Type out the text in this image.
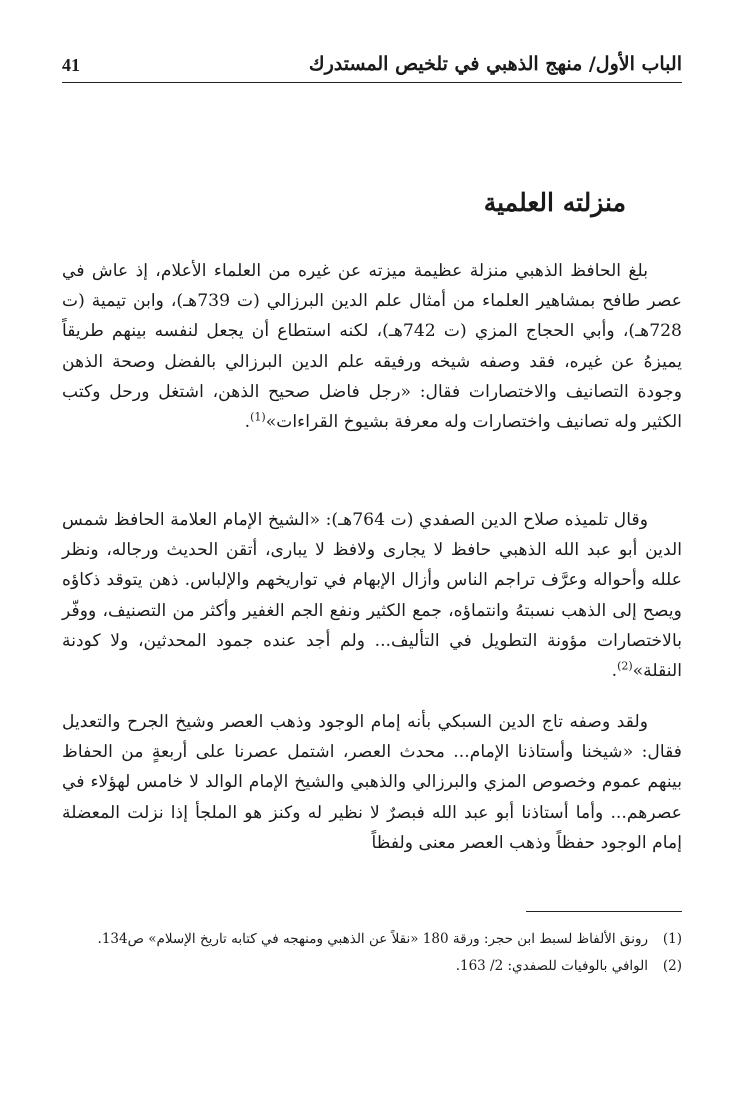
الباب الأول/ منهج الذهبي في تلخيص المستدرك
41
منزلته العلمية

بلغ الحافظ الذهبي منزلة عظيمة ميزته عن غيره من العلماء الأعلام، إذ عاش في عصر طافح بمشاهير العلماء من أمثال علم الدين البرزالي (ت 739هـ)، وابن تيمية (ت 728هـ)، وأبي الحجاج المزي (ت 742هـ)، لكنه استطاع أن يجعل لنفسه بينهم طريقاً يميزهُ عن غيره، فقد وصفه شيخه ورفيقه علم الدين البرزالي بالفضل وصحة الذهن وجودة التصانيف والاختصارات فقال: «رجل فاضل صحيح الذهن، اشتغل ورحل وكتب الكثير وله تصانيف واختصارات وله معرفة بشيوخ القراءات»$^{(1)}$.

وقال تلميذه صلاح الدين الصفدي (ت 764هـ): «الشيخ الإمام العلامة الحافظ شمس الدين أبو عبد الله الذهبي حافظ لا يجارى ولافظ لا يبارى، أتقن الحديث ورجاله، ونظر علله وأحواله وعرَّف تراجم الناس وأزال الإبهام في تواريخهم والإلباس. ذهن يتوقد ذكاؤه ويصح إلى الذهب نسبتهُ وانتماؤه، جمع الكثير ونفع الجم الغفير وأكثر من التصنيف، ووفّر بالاختصارات مؤونة التطويل في التأليف... ولم أجد عنده جمود المحدثين، ولا كودنة النقلة»$^{(2)}$.

ولقد وصفه تاج الدين السبكي بأنه إمام الوجود وذهب العصر وشيخ الجرح والتعديل فقال: «شيخنا وأستاذنا الإمام... محدث العصر، اشتمل عصرنا على أربعةٍ من الحفاظ بينهم عموم وخصوص المزي والبرزالي والذهبي والشيخ الإمام الوالد لا خامس لهؤلاء في عصرهم... وأما أستاذنا أبو عبد الله فبصرٌ لا نظير له وكنز هو الملجأ إذا نزلت المعضلة إمام الوجود حفظاً وذهب العصر معنى ولفظاً

(1)
رونق الألفاظ لسبط ابن حجر: ورقة 180 «نقلاً عن الذهبي ومنهجه في كتابه تاريخ الإسلام» ص134.
(2)
الوافي بالوفيات للصفدي: 2/ 163.
